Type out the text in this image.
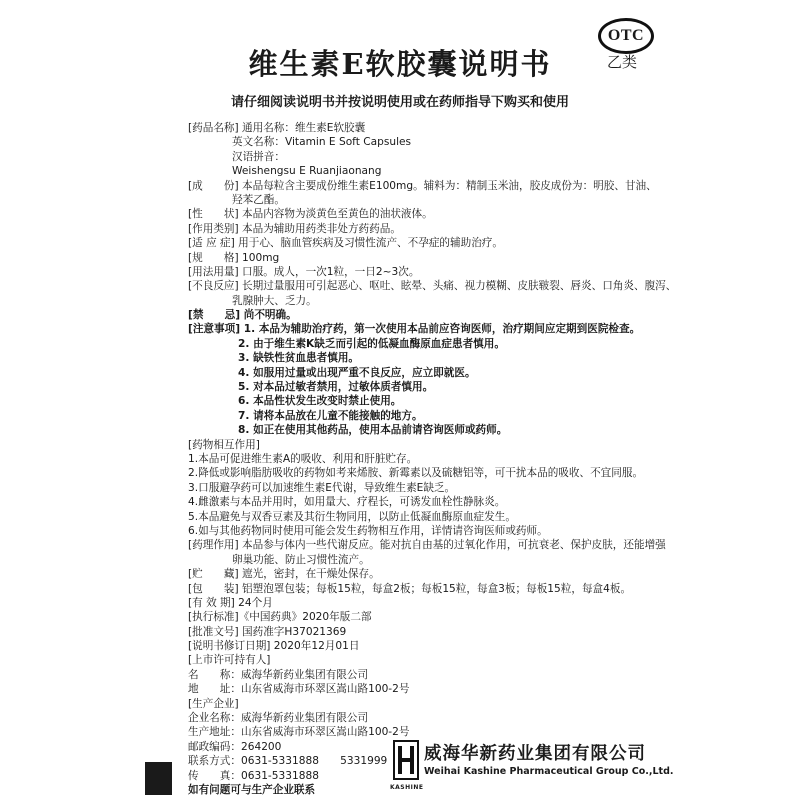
OTC
乙类
维生素E软胶囊说明书
请仔细阅读说明书并按说明使用或在药师指导下购买和使用
[药品名称] 通用名称：维生素E软胶囊
英文名称：Vitamin E Soft Capsules
汉语拼音：
Weishengsu E Ruanjiaonang
[成　　份] 本品每粒含主要成份维生素E100mg。辅料为：精制玉米油，胶皮成份为：明胶、甘油、
羟苯乙酯。
[性　　状] 本品内容物为淡黄色至黄色的油状液体。
[作用类别] 本品为辅助用药类非处方药药品。
[适 应 症] 用于心、脑血管疾病及习惯性流产、不孕症的辅助治疗。
[规　　格] 100mg
[用法用量] 口服。成人，一次1粒，一日2~3次。
[不良反应] 长期过量服用可引起恶心、呕吐、眩晕、头痛、视力模糊、皮肤皲裂、唇炎、口角炎、腹泻、
乳腺肿大、乏力。
[禁　　忌] 尚不明确。
[注意事项] 1. 本品为辅助治疗药，第一次使用本品前应咨询医师，治疗期间应定期到医院检查。
2. 由于维生素K缺乏而引起的低凝血酶原血症患者慎用。
3. 缺铁性贫血患者慎用。
4. 如服用过量或出现严重不良反应，应立即就医。
5. 对本品过敏者禁用，过敏体质者慎用。
6. 本品性状发生改变时禁止使用。
7. 请将本品放在儿童不能接触的地方。
8. 如正在使用其他药品，使用本品前请咨询医师或药师。
[药物相互作用]
1.本品可促进维生素A的吸收、利用和肝脏贮存。
2.降低或影响脂肪吸收的药物如考来烯胺、新霉素以及硫糖铝等，可干扰本品的吸收、不宜同服。
3.口服避孕药可以加速维生素E代谢，导致维生素E缺乏。
4.雌激素与本品并用时，如用量大、疗程长，可诱发血栓性静脉炎。
5.本品避免与双香豆素及其衍生物同用，以防止低凝血酶原血症发生。
6.如与其他药物同时使用可能会发生药物相互作用，详情请咨询医师或药师。
[药理作用] 本品参与体内一些代谢反应。能对抗自由基的过氧化作用，可抗衰老、保护皮肤，还能增强
卵巢功能、防止习惯性流产。
[贮　　藏] 遮光，密封，在干燥处保存。
[包　　装] 铝塑泡罩包装；每板15粒，每盒2板；每板15粒，每盒3板；每板15粒，每盒4板。
[有 效 期] 24个月
[执行标准]《中国药典》2020年版二部
[批准文号] 国药准字H37021369
[说明书修订日期] 2020年12月01日
[上市许可持有人]
名　　称：威海华新药业集团有限公司
地　　址：山东省威海市环翠区嵩山路100-2号
[生产企业]
企业名称：威海华新药业集团有限公司
生产地址：山东省威海市环翠区嵩山路100-2号
邮政编码：264200
联系方式：0631-5331888　　5331999
传　　真：0631-5331888
如有问题可与生产企业联系	KASHINE
威海华新药业集团有限公司
Weihai Kashine Pharmaceutical Group Co.,Ltd.
